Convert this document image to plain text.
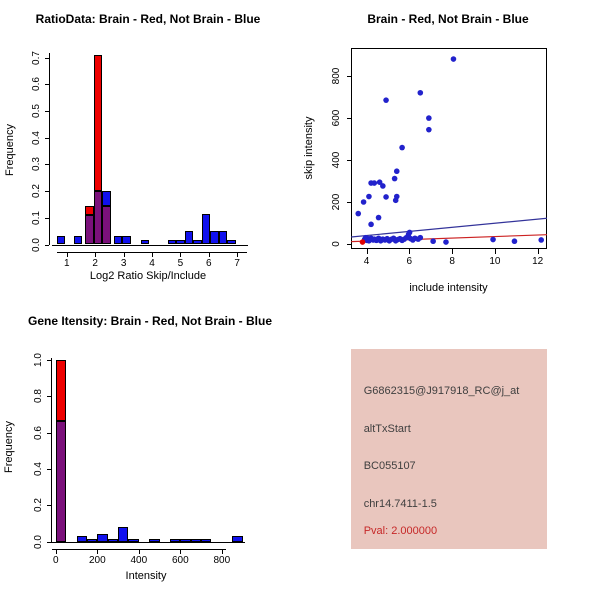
RatioData: Brain - Red, Not Brain - Blue
Log2 Ratio Skip/Include
Frequency
Brain - Red, Not Brain - Blue
include intensity
skip intensity
Gene Itensity: Brain - Red, Not Brain - Blue
Intensity
Frequency
G6862315@J917918_RC@j_at
altTxStart
BC055107
chr14.7411-1.5
Pval: 2.000000
0.0
0.1
0.2
0.3
0.4
0.5
0.6
0.7
1	2	3	4	5	6	7	4	6	8	10	12
0
200
400
600
800
0.0
0.2
0.4
0.6
0.8
1.0
0	200	400	600	800
